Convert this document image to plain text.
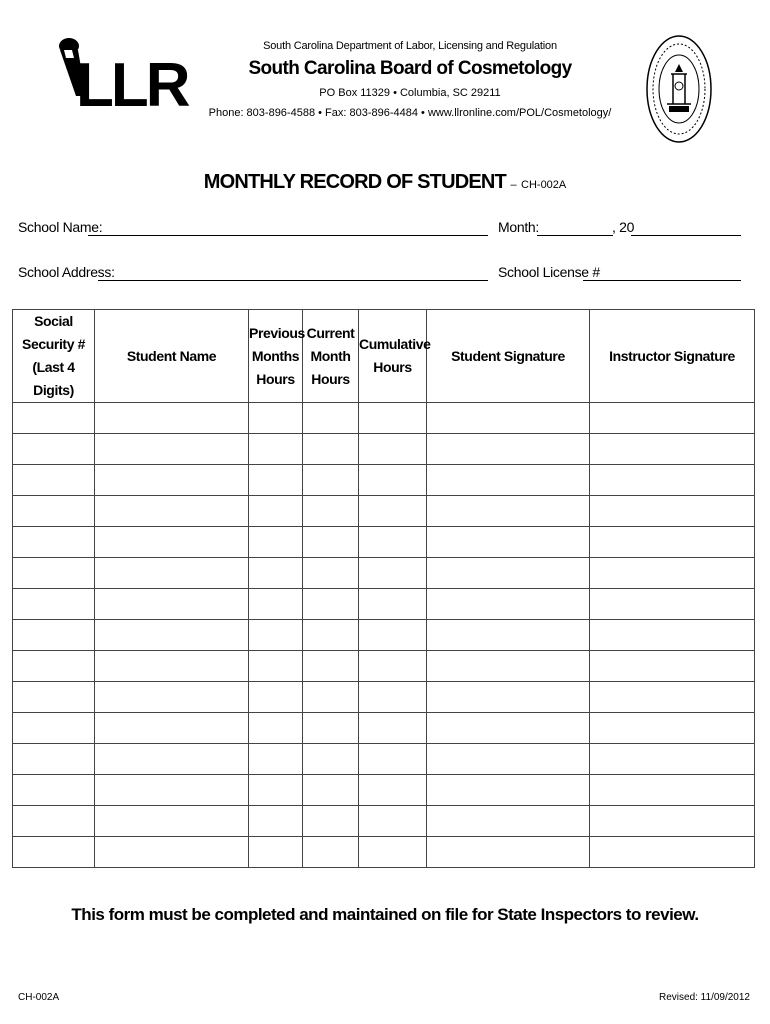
LLR
South Carolina Department of Labor, Licensing and Regulation
South Carolina Board of Cosmetology
PO Box 11329 • Columbia, SC 29211
Phone: 803-896-4588 • Fax: 803-896-4484 • www.llronline.com/POL/Cosmetology/
MONTHLY RECORD OF STUDENT – CH-002A
School Name:	Month:	, 20
School Address:	School License #
Social
Security #
(Last 4 Digits)	Student Name	Previous
Months
Hours	Current
Month
Hours	Cumulative
Hours	Student Signature	Instructor Signature

This form must be completed and maintained on file for State Inspectors to review.
CH-002A	Revised: 11/09/2012
